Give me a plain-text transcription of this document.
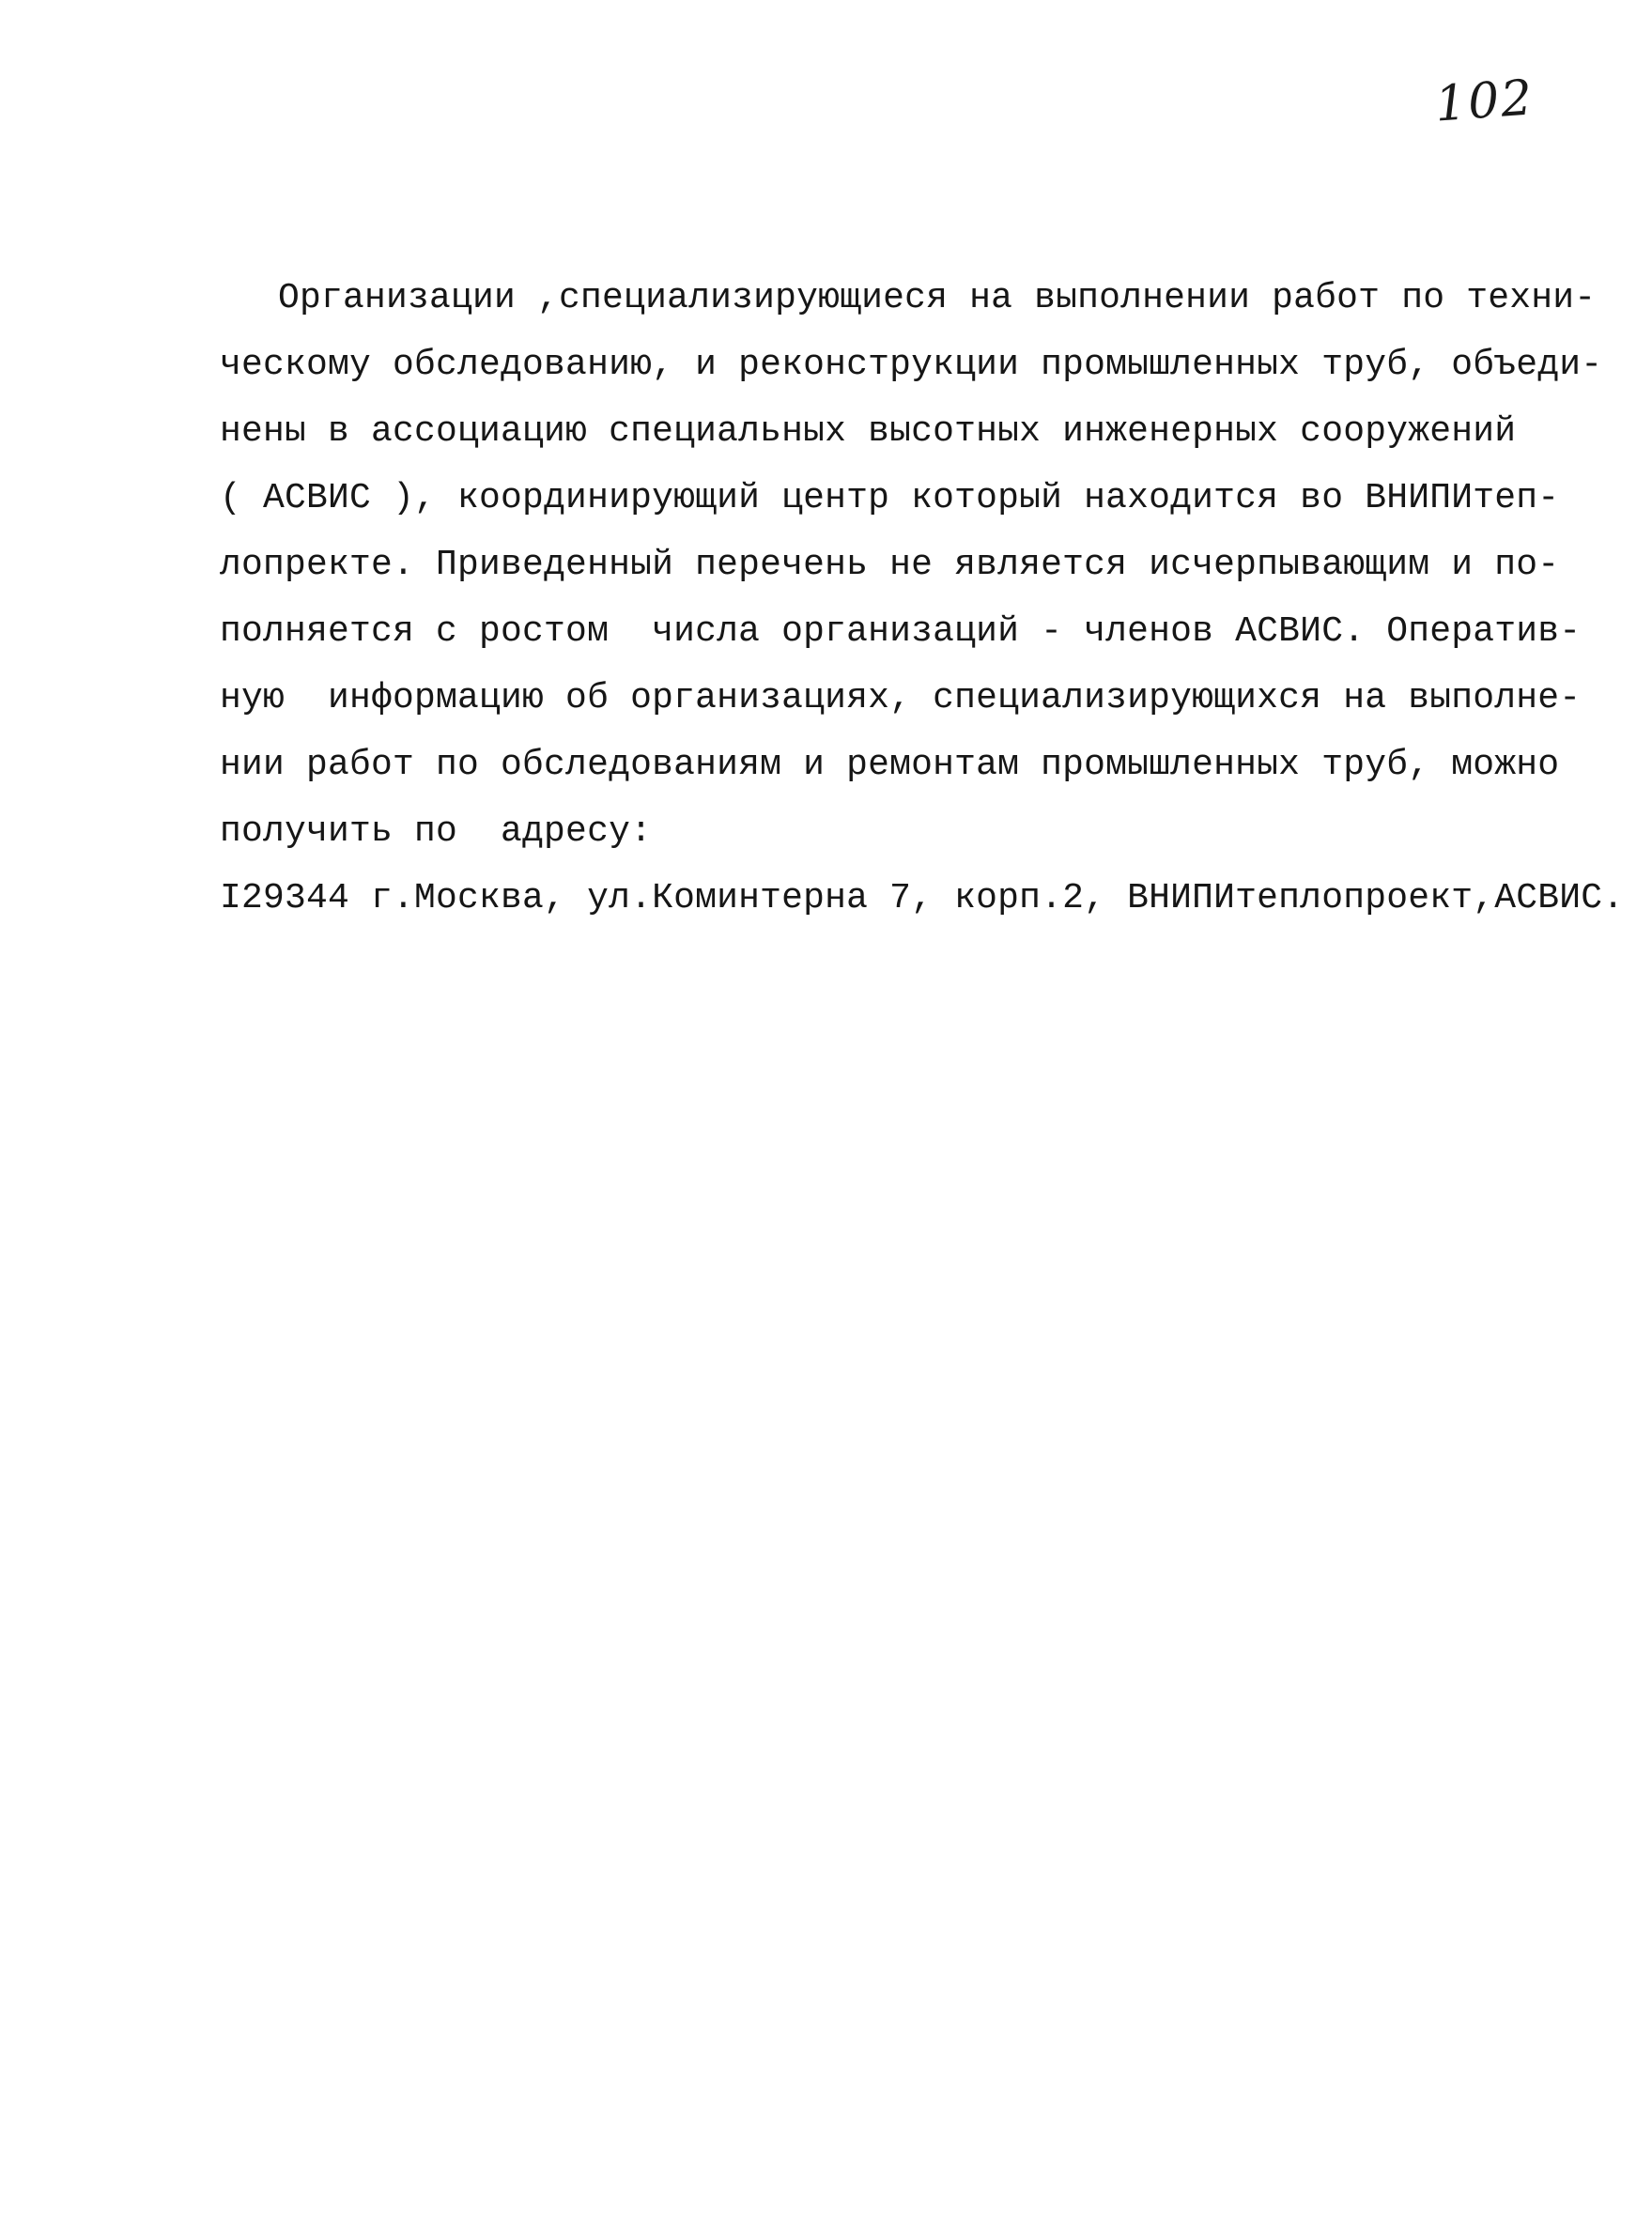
102
Организации ,специализирующиеся на выполнении работ по техни-
ческому обследованию, и реконструкции промышленных труб, объеди-
нены в ассоциацию специальных высотных инженерных сооружений
( АСВИС ), координирующий центр который находится во ВНИПИтеп-
лопректе. Приведенный перечень не является исчерпывающим и по-
полняется с ростом  числа организаций - членов АСВИС. Оператив-
ную  информацию об организациях, специализирующихся на выполне-
нии работ по обследованиям и ремонтам промышленных труб, можно
получить по  адресу:
I29344 г.Москва, ул.Коминтерна 7, корп.2, ВНИПИтеплопроект,АСВИС.
